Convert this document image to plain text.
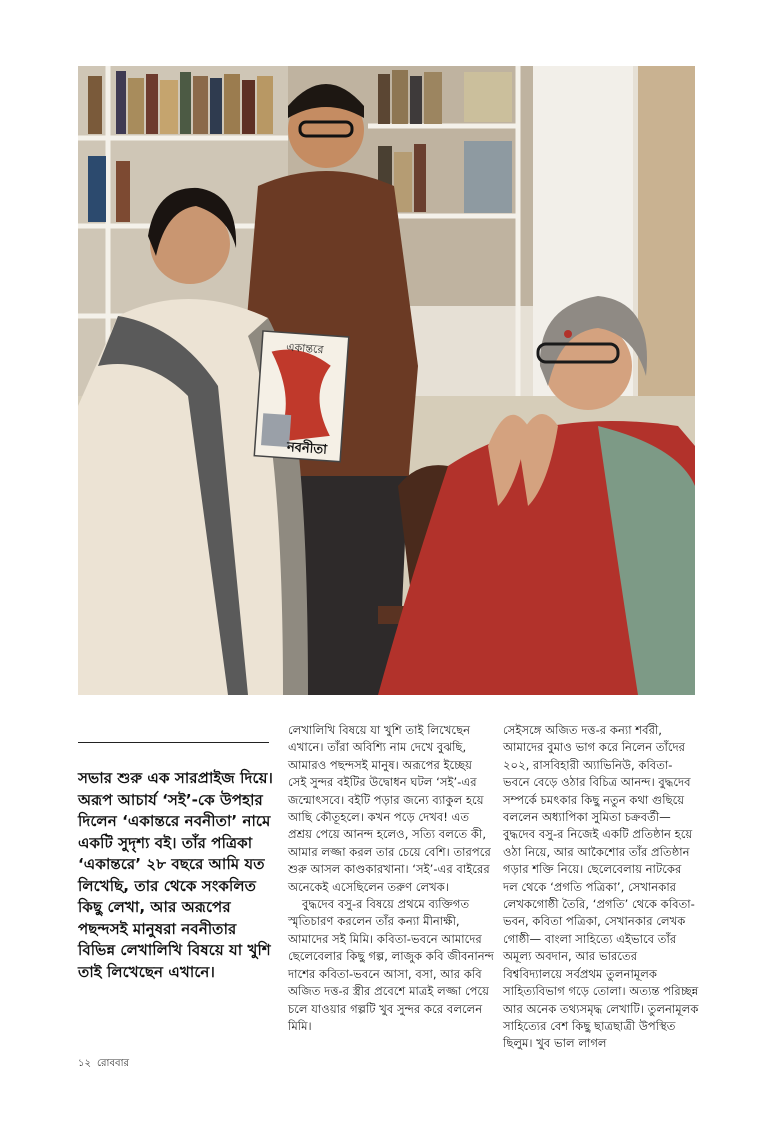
একান্তরে
নবনীতা
সভার শুরু এক সারপ্রাইজ দিয়ে। অরূপ আচার্য ‘সই’-কে উপহার দিলেন ‘একান্তরে নবনীতা’ নামে একটি সুদৃশ্য বই। তাঁর পত্রিকা ‘একান্তরে’ ২৮ বছরে আমি যত লিখেছি, তার থেকে সংকলিত কিছু লেখা, আর অরূপের পছন্দসই মানুষরা নবনীতার বিভিন্ন লেখালিখি বিষয়ে যা খুশি তাই লিখেছেন এখানে।

লেখালিখি বিষয়ে যা খুশি তাই লিখেছেন এখানে। তাঁরা অবিশ্যি নাম দেখে বুঝছি, আমারও পছন্দসই মানুষ। অরূপের ইচ্ছেয় সেই সুন্দর বইটির উদ্বোধন ঘটল ‘সই’-এর জন্মোৎসবে। বইটি পড়ার জন্যে ব্যাকুল হয়ে আছি কৌতূহলে। কখন পড়ে দেখব! এত প্রশ্রয় পেয়ে আনন্দ হলেও, সত্যি বলতে কী, আমার লজ্জা করল তার চেয়ে বেশি। তারপরে শুরু আসল কাণ্ডকারখানা। ‘সই’-এর বাইরের অনেকেই এসেছিলেন তরুণ লেখক।

বুদ্ধদেব বসু-র বিষয়ে প্রথমে ব্যক্তিগত স্মৃতিচারণ করলেন তাঁর কন্যা মীনাক্ষী, আমাদের সই মিমি। কবিতা-ভবনে আমাদের ছেলেবেলার কিছু গল্প, লাজুক কবি জীবনানন্দ দাশের কবিতা-ভবনে আসা, বসা, আর কবি অজিত দত্ত-র স্ত্রীর প্রবেশে মাত্রই লজ্জা পেয়ে চলে যাওয়ার গল্পটি খুব সুন্দর করে বললেন মিমি।

সেইসঙ্গে অজিত দত্ত-র কন্যা শর্বরী, আমাদের বুমাও ভাগ করে নিলেন তাঁদের ২০২, রাসবিহারী অ্যাভিনিউ, কবিতা-ভবনে বেড়ে ওঠার বিচিত্র আনন্দ। বুদ্ধদেব সম্পর্কে চমৎকার কিছু নতুন কথা গুছিয়ে বললেন অধ্যাপিকা সুমিতা চক্রবর্তী— বুদ্ধদেব বসু-র নিজেই একটি প্রতিষ্ঠান হয়ে ওঠা নিয়ে, আর আকৈশোর তাঁর প্রতিষ্ঠান গড়ার শক্তি নিয়ে। ছেলেবেলায় নাটকের দল থেকে ‘প্রগতি পত্রিকা’, সেখানকার লেখকগোষ্ঠী তৈরি, ‘প্রগতি’ থেকে কবিতা-ভবন, কবিতা পত্রিকা, সেখানকার লেখক গোষ্ঠী— বাংলা সাহিত্যে এইভাবে তাঁর অমূল্য অবদান, আর ভারতের বিশ্ববিদ্যালয়ে সর্বপ্রথম তুলনামূলক সাহিত্যবিভাগ গড়ে তোলা। অত্যন্ত পরিচ্ছন্ন আর অনেক তথ্যসমৃদ্ধ লেখাটি। তুলনামূলক সাহিত্যের বেশ কিছু ছাত্রছাত্রী উপস্থিত ছিলুম। খুব ভাল লাগল

১২ রোববার
